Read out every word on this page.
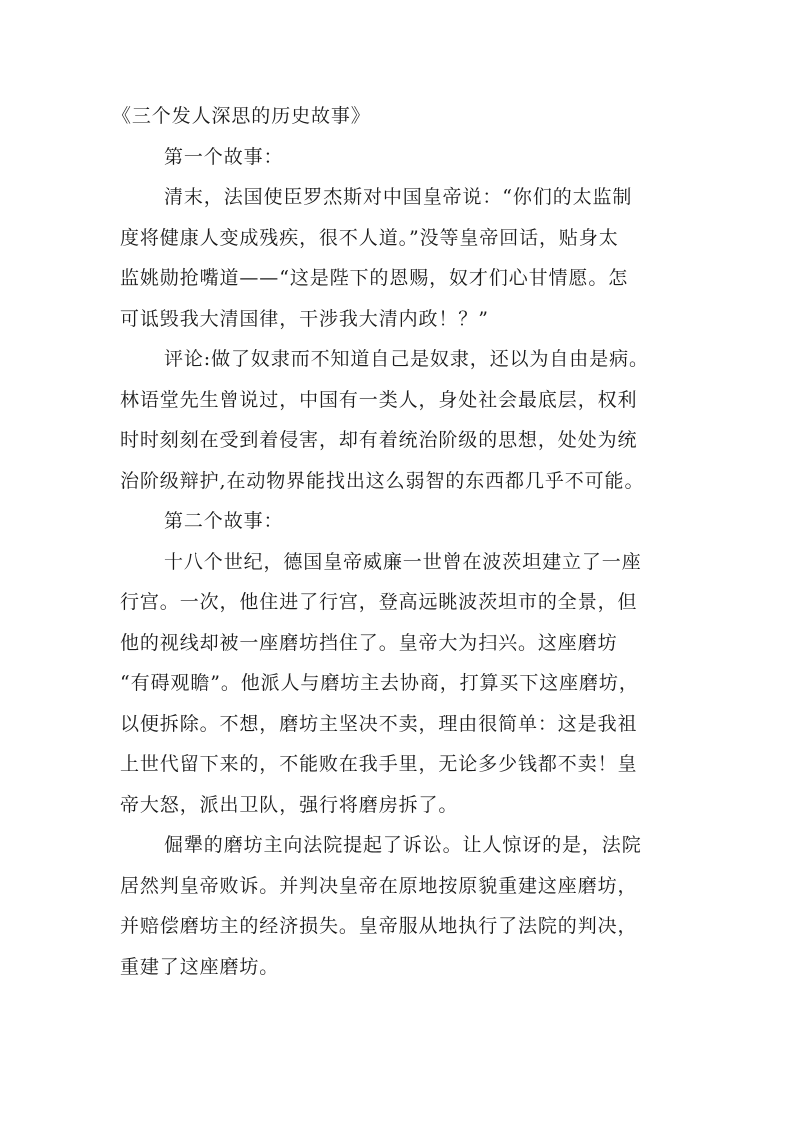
《三个发人深思的历史故事》
第一个故事：
清末，法国使臣罗杰斯对中国皇帝说：“你们的太监制
度将健康人变成残疾，很不人道。”没等皇帝回话，贴身太
监姚勋抢嘴道——“这是陛下的恩赐，奴才们心甘情愿。怎
可诋毁我大清国律，干涉我大清内政！？”
评论:做了奴隶而不知道自己是奴隶，还以为自由是病。
林语堂先生曾说过，中国有一类人，身处社会最底层，权利
时时刻刻在受到着侵害，却有着统治阶级的思想，处处为统
治阶级辩护,在动物界能找出这么弱智的东西都几乎不可能。
第二个故事：
十八个世纪，德国皇帝威廉一世曾在波茨坦建立了一座
行宫。一次，他住进了行宫，登高远眺波茨坦市的全景，但
他的视线却被一座磨坊挡住了。皇帝大为扫兴。这座磨坊
“有碍观瞻”。他派人与磨坊主去协商，打算买下这座磨坊，
以便拆除。不想，磨坊主坚决不卖，理由很简单：这是我祖
上世代留下来的，不能败在我手里，无论多少钱都不卖！皇
帝大怒，派出卫队，强行将磨房拆了。
倔犟的磨坊主向法院提起了诉讼。让人惊讶的是，法院
居然判皇帝败诉。并判决皇帝在原地按原貌重建这座磨坊，
并赔偿磨坊主的经济损失。皇帝服从地执行了法院的判决，
重建了这座磨坊。
